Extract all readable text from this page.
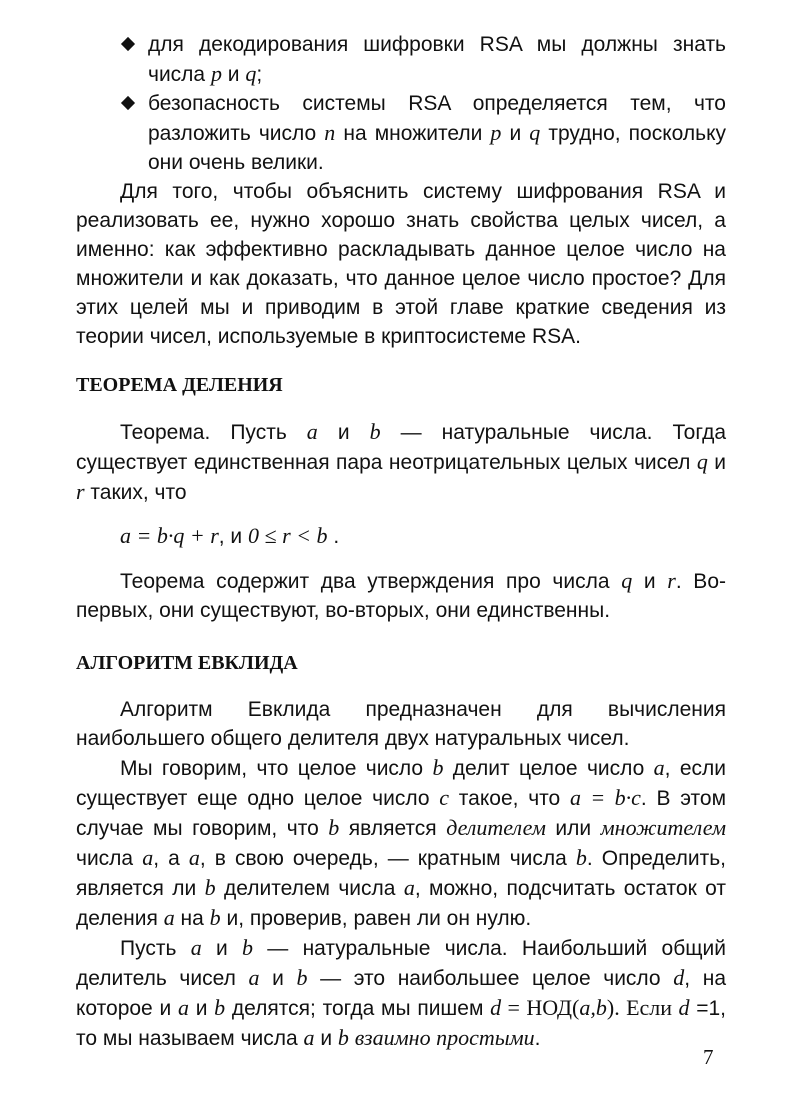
для декодирования шифровки RSA мы должны знать числа p и q;
безопасность системы RSA определяется тем, что разложить число n на множители p и q трудно, поскольку они очень велики.

Для того, чтобы объяснить систему шифрования RSA и реализовать ее, нужно хорошо знать свойства целых чисел, а именно: как эффективно раскладывать данное целое число на множители и как доказать, что данное целое число простое? Для этих целей мы и приводим в этой главе краткие сведения из теории чисел, используемые в криптосистеме RSA.

ТЕОРЕМА ДЕЛЕНИЯ

Теорема. Пусть a и b — натуральные числа. Тогда существует единственная пара неотрицательных целых чисел q и r таких, что

a = b·q + r, и 0 ≤ r < b .

Теорема содержит два утверждения про числа q и r. Во-первых, они существуют, во-вторых, они единственны.

АЛГОРИТМ ЕВКЛИДА

Алгоритм Евклида предназначен для вычисления наибольшего общего делителя двух натуральных чисел.

Мы говорим, что целое число b делит целое число a, если существует еще одно целое число c такое, что a = b·c. В этом случае мы говорим, что b является делителем или множителем числа a, а a, в свою очередь, — кратным числа b. Определить, является ли b делителем числа a, можно, подсчитать остаток от деления a на b и, проверив, равен ли он нулю.

Пусть a и b — натуральные числа. Наибольший общий делитель чисел a и b — это наибольшее целое число d, на которое и a и b делятся; тогда мы пишем d = НОД(a,b). Если d =1, то мы называем числа a и b взаимно простыми.

7
